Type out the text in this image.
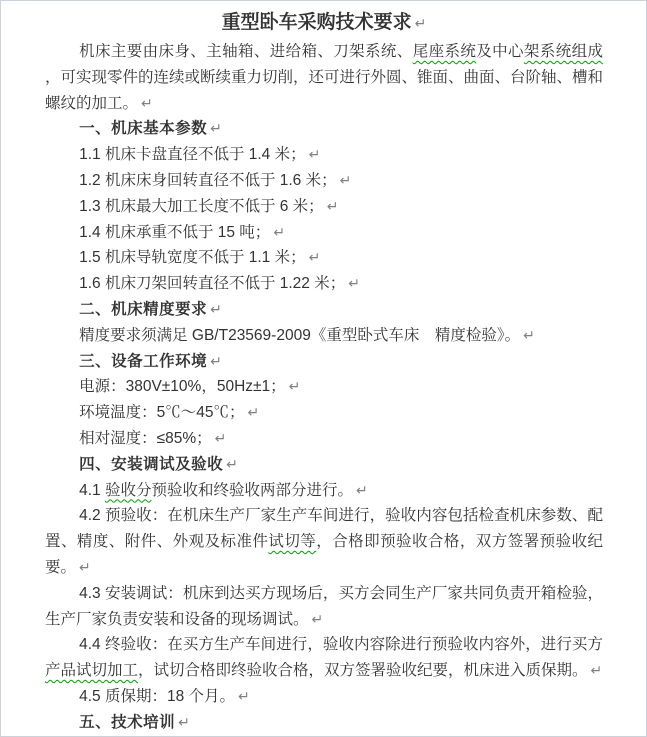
重型卧车采购技术要求 ↵

机床主要由床身、主轴箱、进给箱、刀架系统、尾座系统及中心架系统组成，可实现零件的连续或断续重力切削，还可进行外圆、锥面、曲面、台阶轴、槽和螺纹的加工。 ↵

一、机床基本参数 ↵

1.1 机床卡盘直径不低于 1.4 米； ↵

1.2 机床床身回转直径不低于 1.6 米； ↵

1.3 机床最大加工长度不低于 6 米； ↵

1.4 机床承重不低于 15 吨； ↵

1.5 机床导轨宽度不低于 1.1 米； ↵

1.6 机床刀架回转直径不低于 1.22 米； ↵

二、机床精度要求 ↵

精度要求须满足 GB/T23569-2009《重型卧式车床　精度检验》。 ↵

三、设备工作环境 ↵

电源：380V±10%，50Hz±1； ↵

环境温度：5℃～45℃； ↵

相对湿度：≤85%； ↵

四、安装调试及验收 ↵

4.1 验收分预验收和终验收两部分进行。 ↵

4.2 预验收：在机床生产厂家生产车间进行，验收内容包括检查机床参数、配置、精度、附件、外观及标准件试切等，合格即预验收合格，双方签署预验收纪要。 ↵

4.3 安装调试：机床到达买方现场后，买方会同生产厂家共同负责开箱检验，生产厂家负责安装和设备的现场调试。 ↵

4.4 终验收：在买方生产车间进行，验收内容除进行预验收内容外，进行买方产品试切加工，试切合格即终验收合格，双方签署验收纪要，机床进入质保期。 ↵

4.5 质保期：18 个月。 ↵

五、技术培训 ↵
